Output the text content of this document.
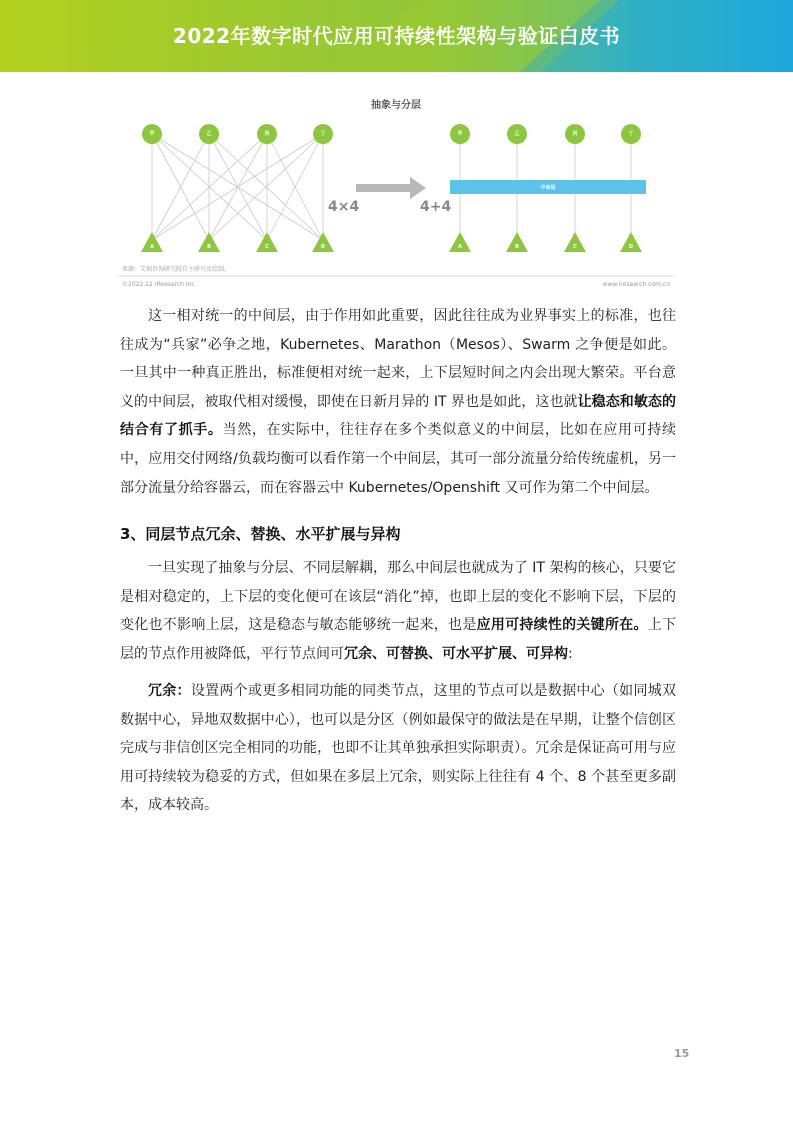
2022年数字时代应用可持续性架构与验证白皮书
抽象与分层
甲	乙	丙	丁	甲	乙	丙	丁
A	B	C	D	A	B	C	D
中间层
4×4	4+4
来源：艾瑞咨询研究院自主研究及绘制。
©2022.12 iResearch Inc.	www.iresearch.com.cn
这一相对统一的中间层，由于作用如此重要，因此往往成为业界事实上的标准，也往往成为“兵家”必争之地，Kubernetes、Marathon（Mesos）、Swarm 之争便是如此。一旦其中一种真正胜出，标准便相对统一起来，上下层短时间之内会出现大繁荣。平台意义的中间层，被取代相对缓慢，即使在日新月异的 IT 界也是如此，这也就让稳态和敏态的结合有了抓手。当然，在实际中，往往存在多个类似意义的中间层，比如在应用可持续中，应用交付网络/负载均衡可以看作第一个中间层，其可一部分流量分给传统虚机，另一部分流量分给容器云，而在容器云中 Kubernetes/Openshift 又可作为第二个中间层。
3、同层节点冗余、替换、水平扩展与异构
一旦实现了抽象与分层、不同层解耦，那么中间层也就成为了 IT 架构的核心，只要它是相对稳定的，上下层的变化便可在该层“消化”掉，也即上层的变化不影响下层，下层的变化也不影响上层，这是稳态与敏态能够统一起来，也是应用可持续性的关键所在。上下层的节点作用被降低，平行节点间可冗余、可替换、可水平扩展、可异构:
冗余：设置两个或更多相同功能的同类节点，这里的节点可以是数据中心（如同城双数据中心，异地双数据中心），也可以是分区（例如最保守的做法是在早期，让整个信创区完成与非信创区完全相同的功能，也即不让其单独承担实际职责）。冗余是保证高可用与应用可持续较为稳妥的方式，但如果在多层上冗余，则实际上往往有 4 个、8 个甚至更多副本，成本较高。
15
